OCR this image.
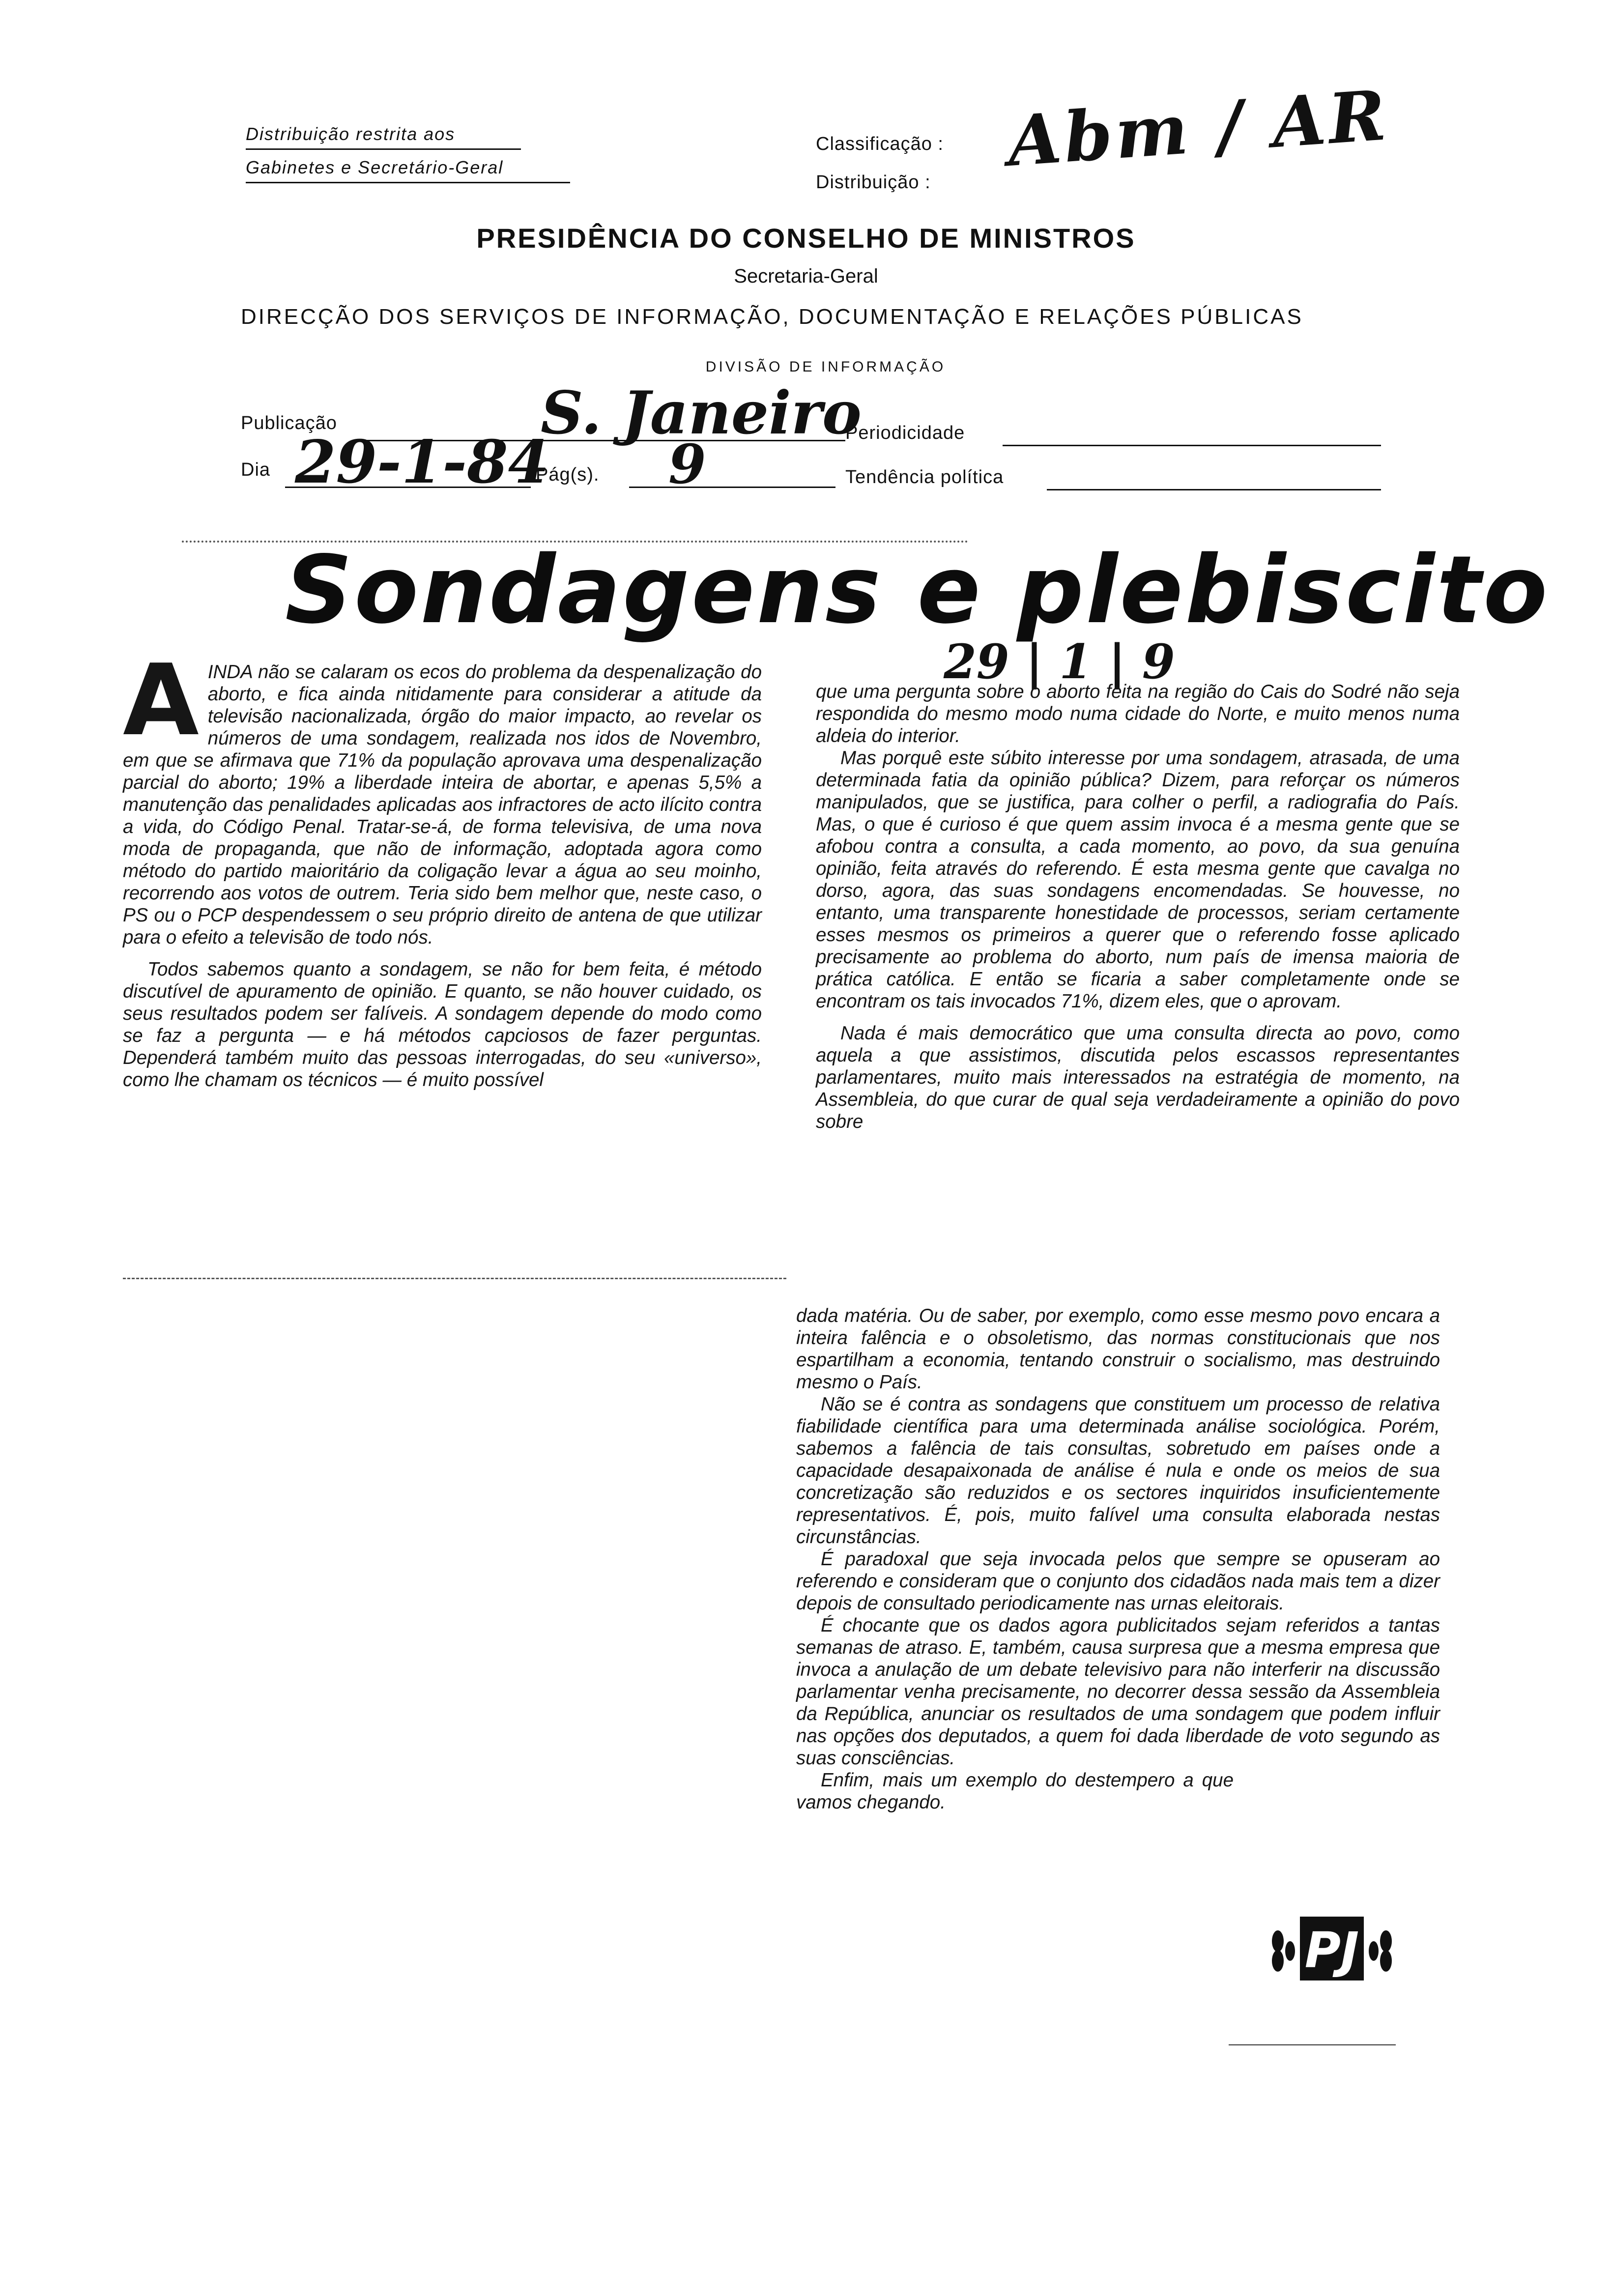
Distribuição restrita aos
Gabinetes e Secretário-Geral
Classificação :
Distribuição :
Abm / AR
PRESIDÊNCIA DO CONSELHO DE MINISTROS
Secretaria-Geral
DIRECÇÃO DOS SERVIÇOS DE INFORMAÇÃO, DOCUMENTAÇÃO E RELAÇÕES PÚBLICAS
DIVISÃO DE INFORMAÇÃO
Publicação	S. Janeiro
Periodicidade
Dia 29-1-84
Pág(s). 9	Tendência política
Sondagens e plebiscito
29 | 1 | 9
A INDA não se calaram os ecos do problema da despenalização do aborto, e fica ainda nitidamente para considerar a atitude da televisão nacionalizada, órgão do maior impacto, ao revelar os números de uma sondagem, realizada nos idos de Novembro, em que se afirmava que 71% da população aprovava uma despenalização parcial do aborto; 19% a liberdade inteira de abortar, e apenas 5,5% a manutenção das penalidades aplicadas aos infractores de acto ilícito contra a vida, do Código Penal. Tratar-se-á, de forma televisiva, de uma nova moda de propaganda, que não de informação, adoptada agora como método do partido maioritário da coligação levar a água ao seu moinho, recorrendo aos votos de outrem. Teria sido bem melhor que, neste caso, o PS ou o PCP despendessem o seu próprio direito de antena de que utilizar para o efeito a televisão de todo nós.

Todos sabemos quanto a sondagem, se não for bem feita, é método discutível de apuramento de opinião. E quanto, se não houver cuidado, os seus resultados podem ser falíveis. A sondagem depende do modo como se faz a pergunta — e há métodos capciosos de fazer perguntas. Dependerá também muito das pessoas interrogadas, do seu «universo», como lhe chamam os técnicos — é muito possível

que uma pergunta sobre o aborto feita na região do Cais do Sodré não seja respondida do mesmo modo numa cidade do Norte, e muito menos numa aldeia do interior.

Mas porquê este súbito interesse por uma sondagem, atrasada, de uma determinada fatia da opinião pública? Dizem, para reforçar os números manipulados, que se justifica, para colher o perfil, a radiografia do País. Mas, o que é curioso é que quem assim invoca é a mesma gente que se afobou contra a consulta, a cada momento, ao povo, da sua genuína opinião, feita através do referendo. É esta mesma gente que cavalga no dorso, agora, das suas sondagens encomendadas. Se houvesse, no entanto, uma transparente honestidade de processos, seriam certamente esses mesmos os primeiros a querer que o referendo fosse aplicado precisamente ao problema do aborto, num país de imensa maioria de prática católica. E então se ficaria a saber completamente onde se encontram os tais invocados 71%, dizem eles, que o aprovam.

Nada é mais democrático que uma consulta directa ao povo, como aquela a que assistimos, discutida pelos escassos representantes parlamentares, muito mais interessados na estratégia de momento, na Assembleia, do que curar de qual seja verdadeiramente a opinião do povo sobre

dada matéria. Ou de saber, por exemplo, como esse mesmo povo encara a inteira falência e o obsoletismo, das normas constitucionais que nos espartilham a economia, tentando construir o socialismo, mas destruindo mesmo o País.

Não se é contra as sondagens que constituem um processo de relativa fiabilidade científica para uma determinada análise sociológica. Porém, sabemos a falência de tais consultas, sobretudo em países onde a capacidade desapaixonada de análise é nula e onde os meios de sua concretização são reduzidos e os sectores inquiridos insuficientemente representativos. É, pois, muito falível uma consulta elaborada nestas circunstâncias.

É paradoxal que seja invocada pelos que sempre se opuseram ao referendo e consideram que o conjunto dos cidadãos nada mais tem a dizer depois de consultado periodicamente nas urnas eleitorais.

É chocante que os dados agora publicitados sejam referidos a tantas semanas de atraso. E, também, causa surpresa que a mesma empresa que invoca a anulação de um debate televisivo para não interferir na discussão parlamentar venha precisamente, no decorrer dessa sessão da Assembleia da República, anunciar os resultados de uma sondagem que podem influir nas opções dos deputados, a quem foi dada liberdade de voto segundo as suas consciências.

Enfim, mais um exemplo do destempero a que vamos chegando.

PJ
